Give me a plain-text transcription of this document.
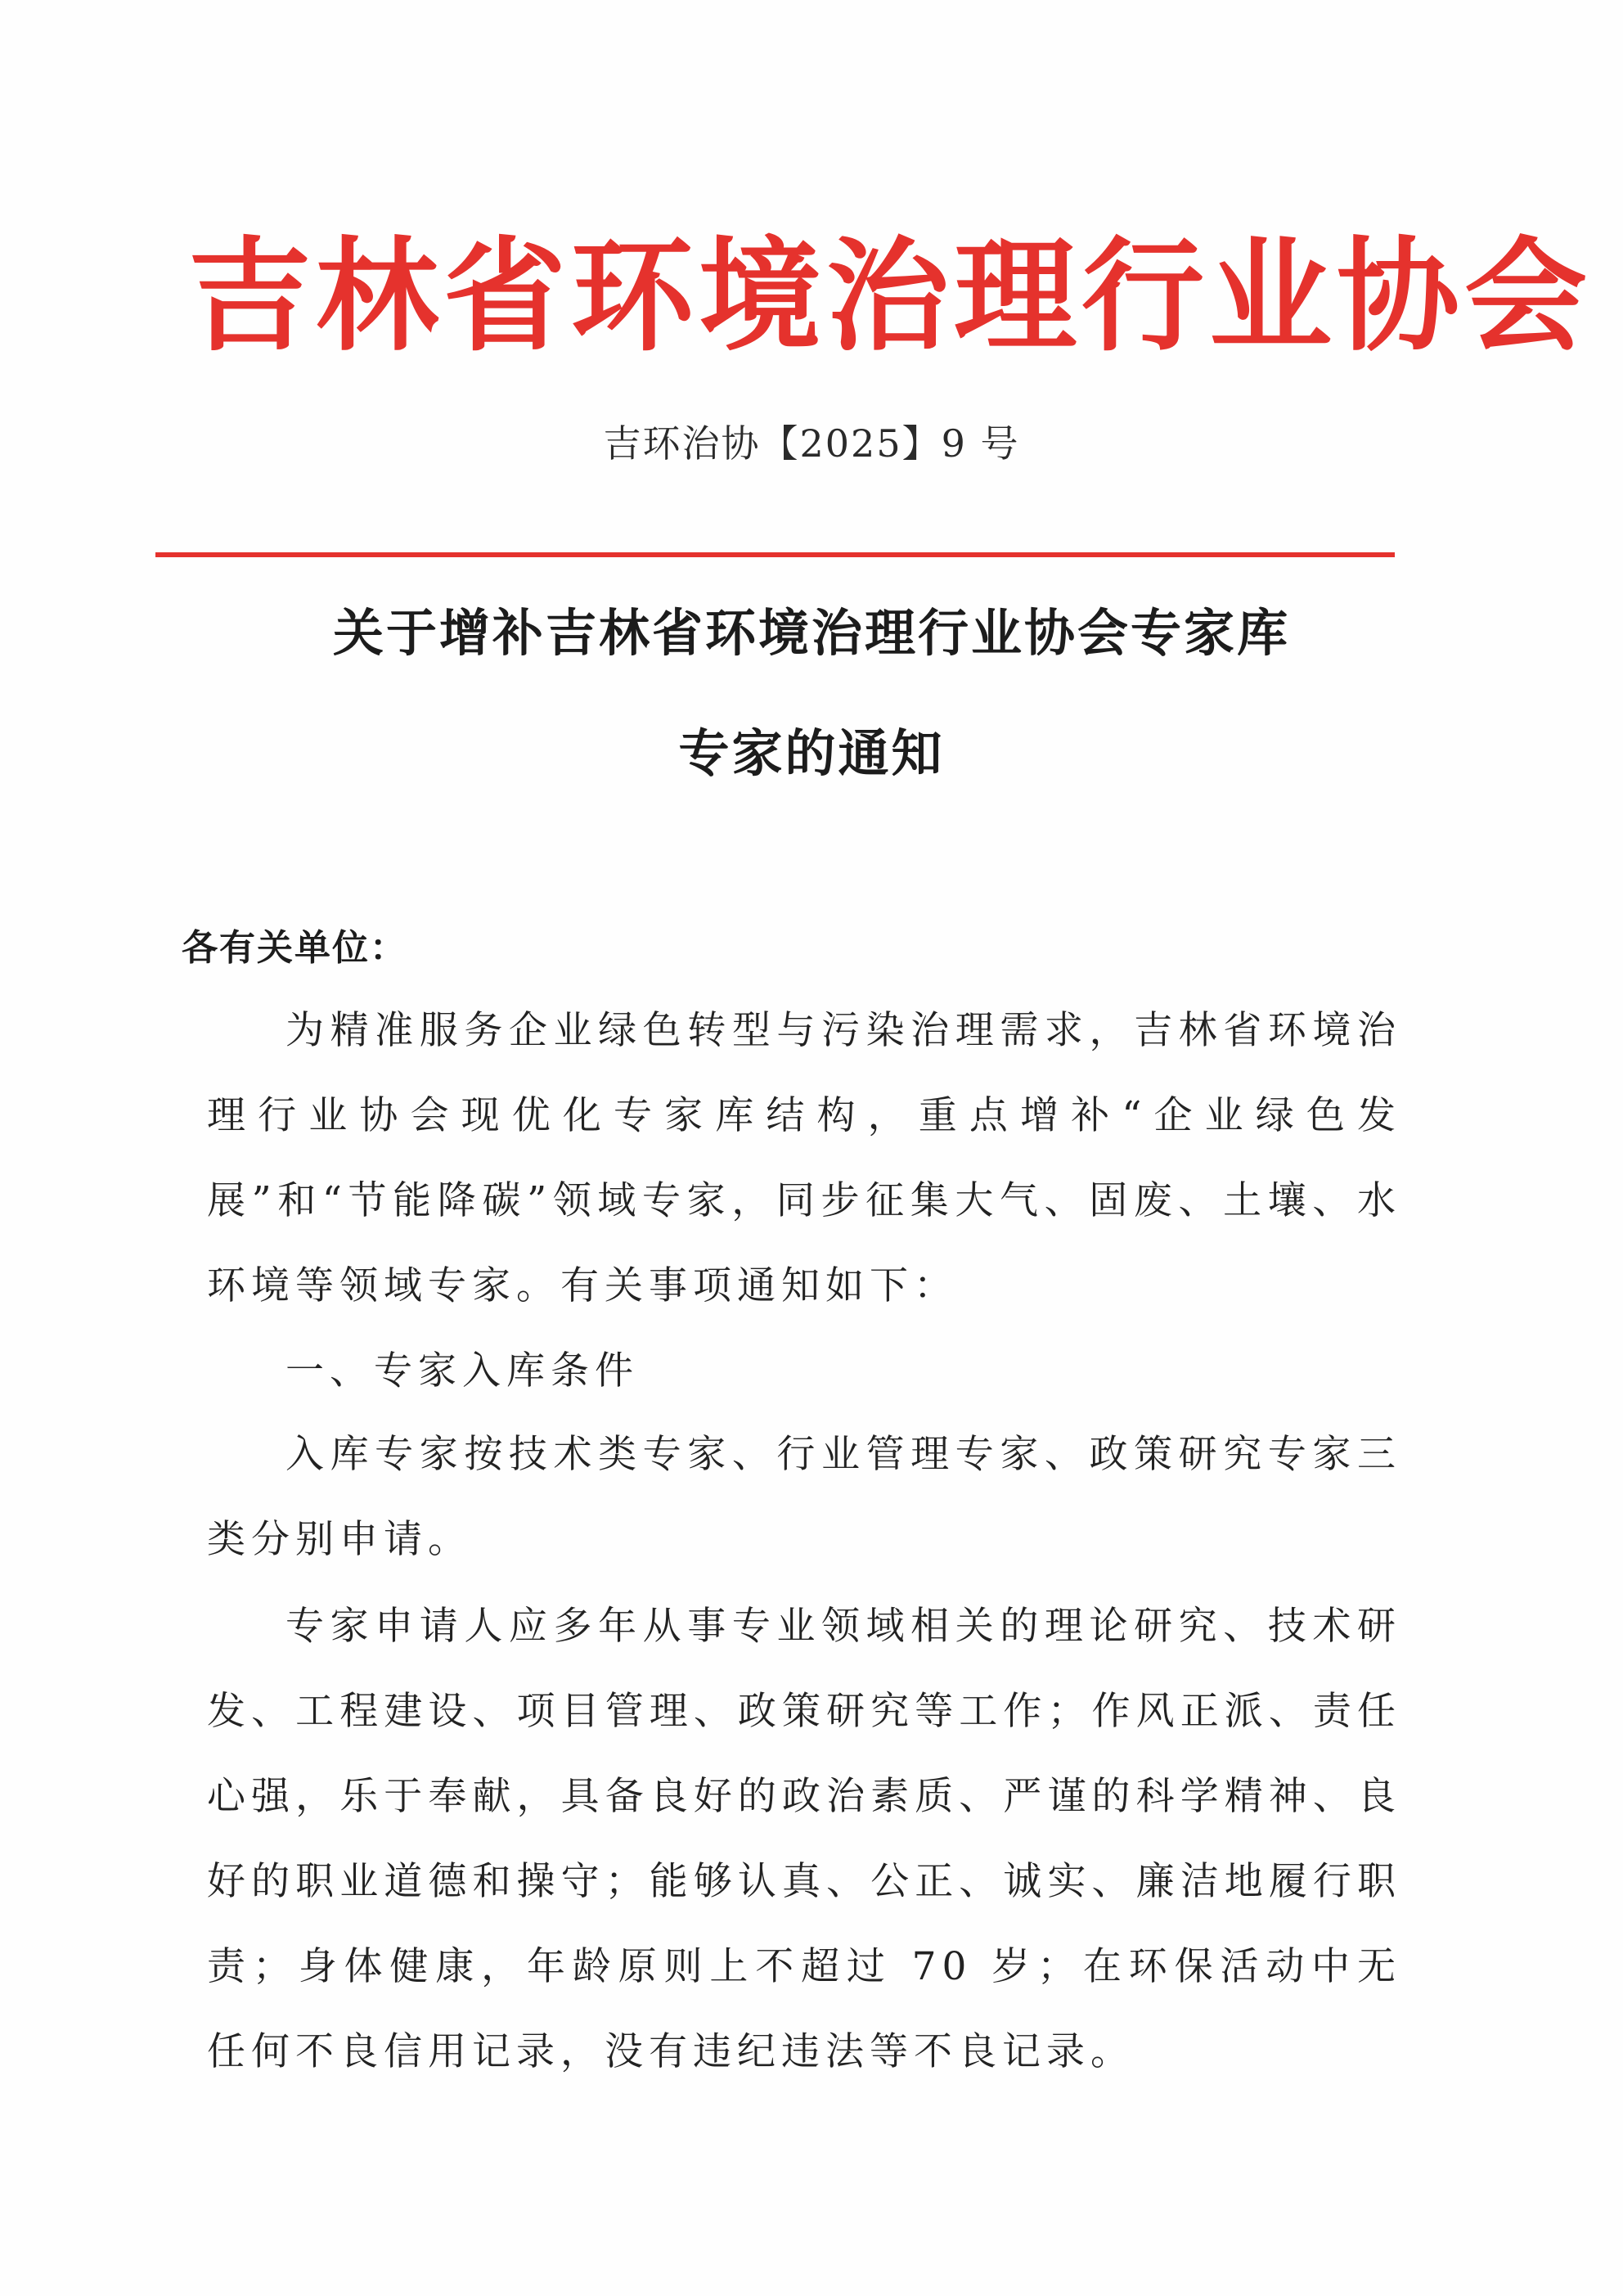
吉林省环境治理行业协会
吉环治协【2025】9 号
关于增补吉林省环境治理行业协会专家库
专家的通知
各有关单位：

为精准服务企业绿色转型与污染治理需求，吉林省环境治理行业协会现优化专家库结构，重点增补“企业绿色发展”和“节能降碳”领域专家，同步征集大气、固废、土壤、水环境等领域专家。有关事项通知如下：

一、专家入库条件

入库专家按技术类专家、行业管理专家、政策研究专家三类分别申请。

专家申请人应多年从事专业领域相关的理论研究、技术研发、工程建设、项目管理、政策研究等工作；作风正派、责任心强，乐于奉献，具备良好的政治素质、严谨的科学精神、良好的职业道德和操守；能够认真、公正、诚实、廉洁地履行职责；身体健康，年龄原则上不超过 70 岁；在环保活动中无任何不良信用记录，没有违纪违法等不良记录。
